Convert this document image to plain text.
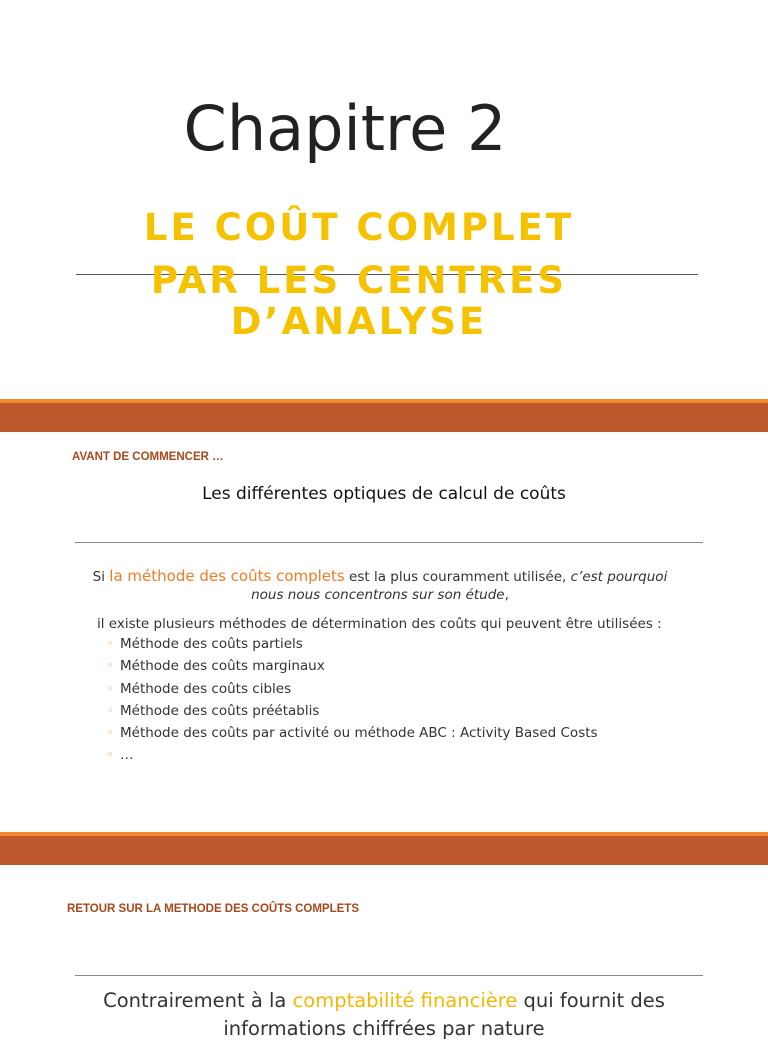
Chapitre 2
LE COÛT COMPLET
PAR LES CENTRES
D’ANALYSE
AVANT DE COMMENCER …
Les différentes optiques de calcul de coûts
Si la méthode des coûts complets est la plus couramment utilisée, c’est pourquoi
nous nous concentrons sur son étude,
il existe plusieurs méthodes de détermination des coûts qui peuvent être utilisées :
◦ Méthode des coûts partiels
◦ Méthode des coûts marginaux
◦ Méthode des coûts cibles
◦ Méthode des coûts préétablis
◦ Méthode des coûts par activité ou méthode ABC : Activity Based Costs
◦ …
RETOUR SUR LA METHODE DES COÛTS COMPLETS
Contrairement à la comptabilité financière qui fournit des
informations chiffrées par nature
